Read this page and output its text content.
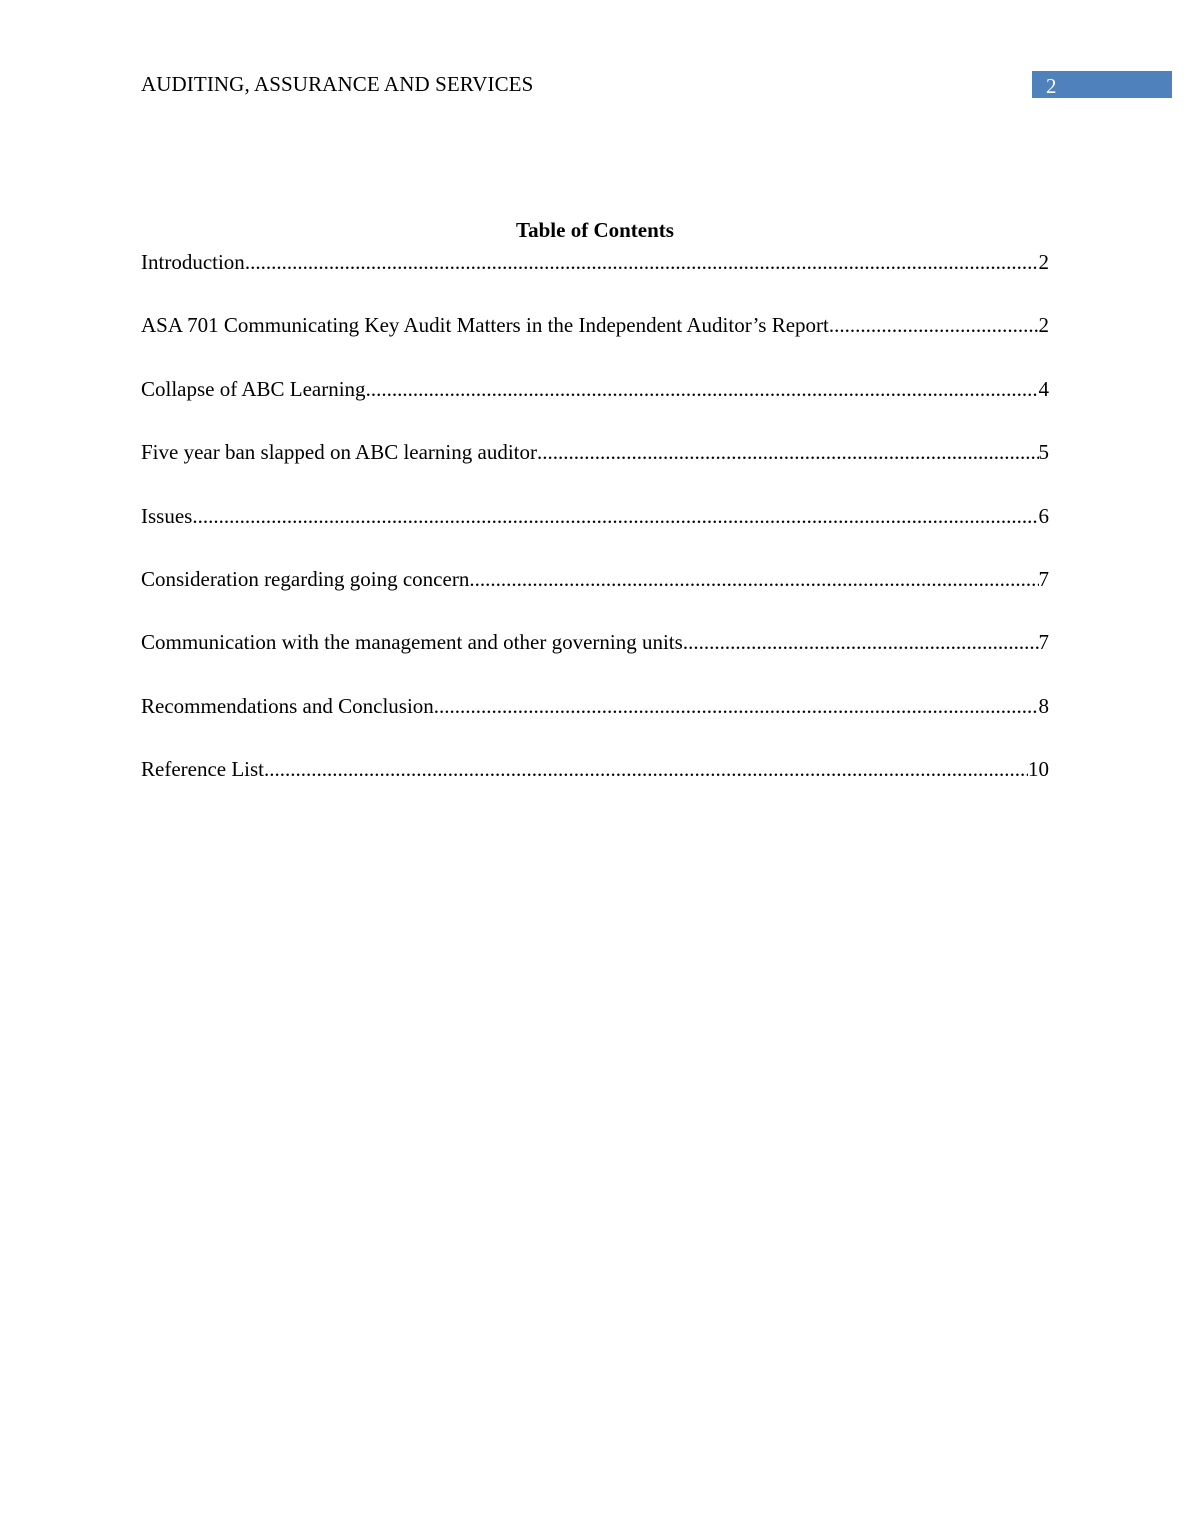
AUDITING, ASSURANCE AND SERVICES	2
Table of Contents
Introduction .....	2
ASA 701 Communicating Key Audit Matters in the Independent Auditor’s Report .....	2
Collapse of ABC Learning .....	4
Five year ban slapped on ABC learning auditor .....	5
Issues .....	6
Consideration regarding going concern .....	7
Communication with the management and other governing units .....	7
Recommendations and Conclusion .....	8
Reference List .....	10
